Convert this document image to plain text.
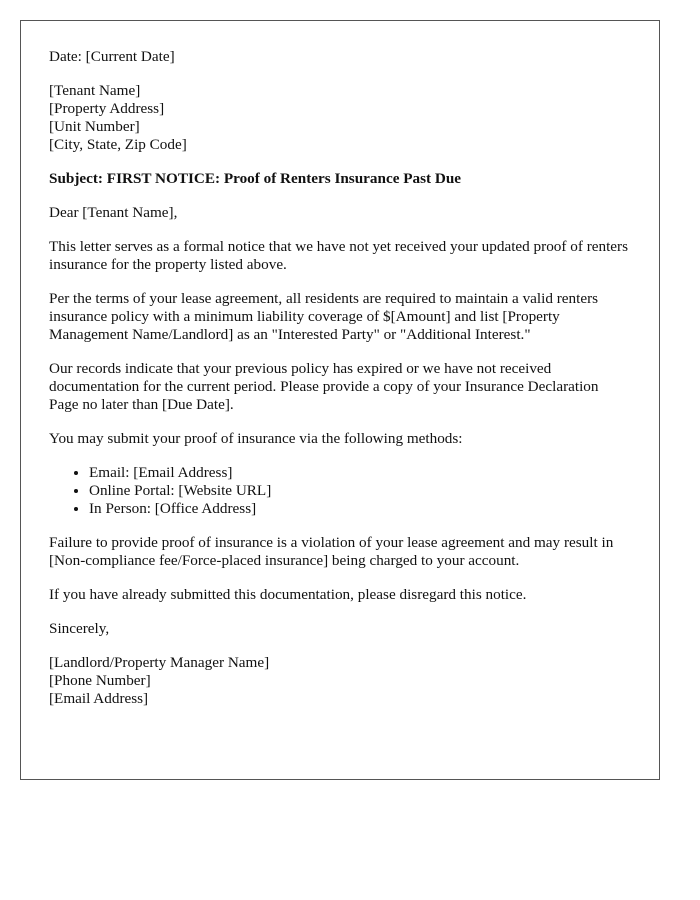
Date: [Current Date]

[Tenant Name]
[Property Address]
[Unit Number]
[City, State, Zip Code]

Subject: FIRST NOTICE: Proof of Renters Insurance Past Due

Dear [Tenant Name],

This letter serves as a formal notice that we have not yet received your updated proof of renters insurance for the property listed above.

Per the terms of your lease agreement, all residents are required to maintain a valid renters insurance policy with a minimum liability coverage of $[Amount] and list [Property Management Name/Landlord] as an "Interested Party" or "Additional Interest."

Our records indicate that your previous policy has expired or we have not received documentation for the current period. Please provide a copy of your Insurance Declaration Page no later than [Due Date].

You may submit your proof of insurance via the following methods:

• Email: [Email Address]
• Online Portal: [Website URL]
• In Person: [Office Address]

Failure to provide proof of insurance is a violation of your lease agreement and may result in [Non-compliance fee/Force-placed insurance] being charged to your account.

If you have already submitted this documentation, please disregard this notice.

Sincerely,

[Landlord/Property Manager Name]
[Phone Number]
[Email Address]
